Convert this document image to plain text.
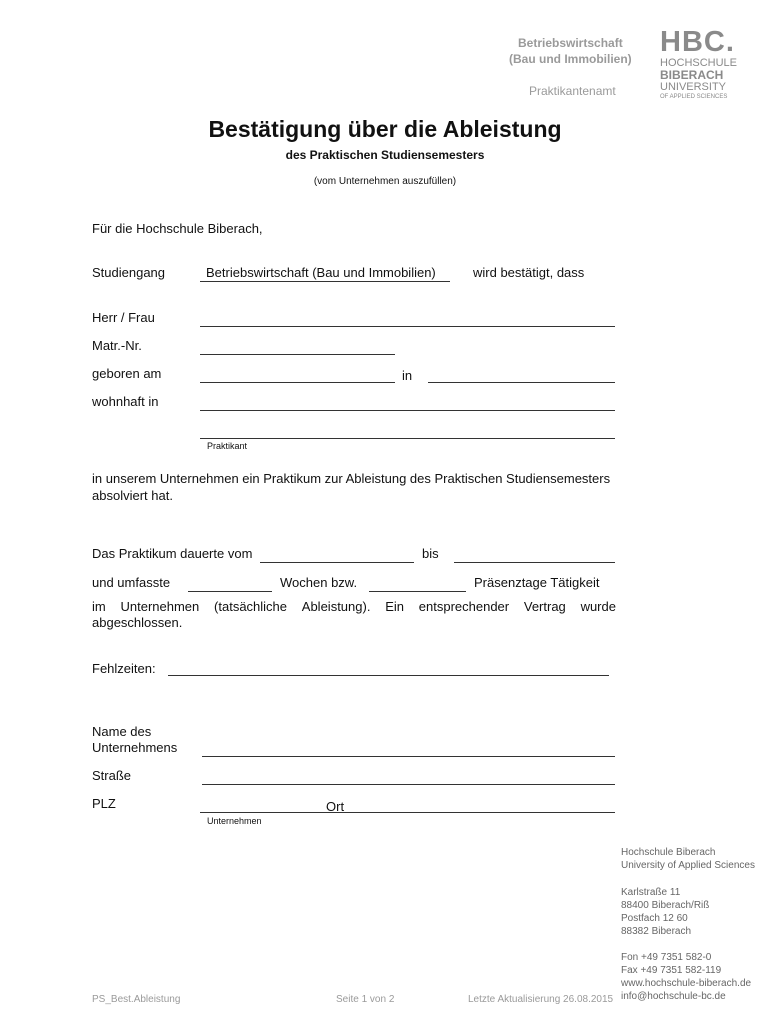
Betriebswirtschaft
(Bau und Immobilien)
Praktikantenamt
HBC.
HOCHSCHULE
BIBERACH
UNIVERSITY
OF APPLIED SCIENCES
Bestätigung über die Ableistung
des Praktischen Studiensemesters
(vom Unternehmen auszufüllen)
Für die Hochschule Biberach,
Studiengang	Betriebswirtschaft (Bau und Immobilien)	wird bestätigt, dass
Herr / Frau
Matr.-Nr.
geboren am	in
wohnhaft in
Praktikant
in unserem Unternehmen ein Praktikum zur Ableistung des Praktischen Studiensemesters absolviert hat.
Das Praktikum dauerte vom	bis
und umfasste	Wochen bzw.	Präsenztage Tätigkeit
im Unternehmen (tatsächliche Ableistung). Ein entsprechender Vertrag wurde
abgeschlossen.
Fehlzeiten:
Name des
Unternehmens
Straße
PLZ	Ort
Unternehmen
Hochschule Biberach
University of Applied Sciences
Karlstraße 11
88400 Biberach/Riß
Postfach 12 60
88382 Biberach
Fon +49 7351 582-0
Fax +49 7351 582-119
www.hochschule-biberach.de
info@hochschule-bc.de
PS_Best.Ableistung	Seite 1 von 2	Letzte Aktualisierung 26.08.2015
